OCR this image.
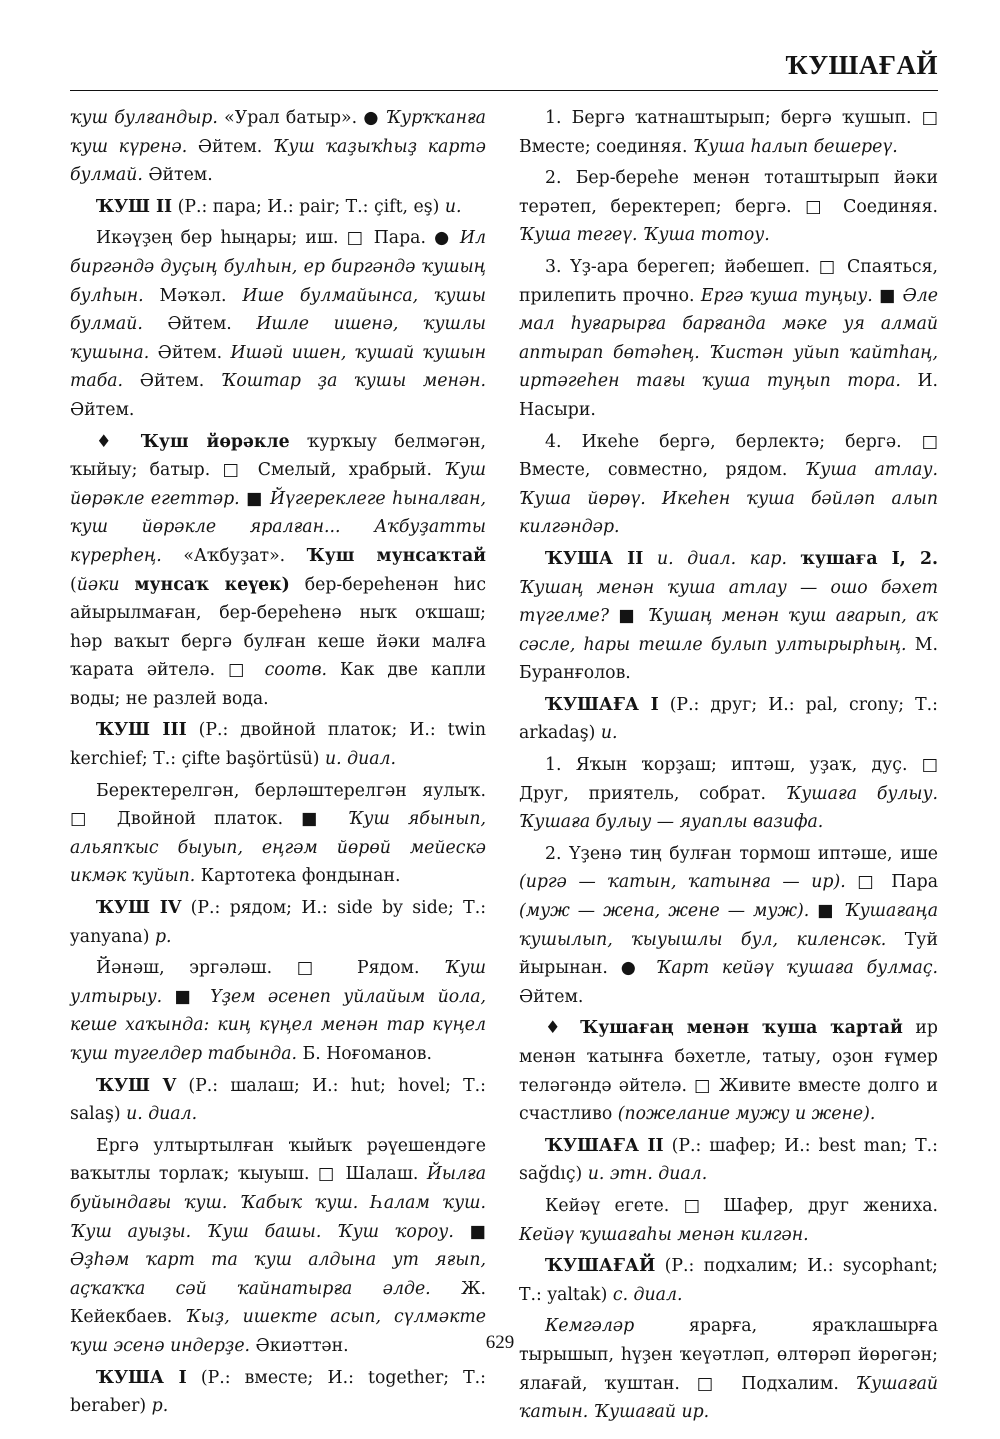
ҠУШАҒАЙ

ҡуш булғандыр. «Урал батыр». ● Ҡурҡҡанға ҡуш күренә. Әйтем. Ҡуш ҡаҙыҡһыҙ картә булмай. Әйтем.

ҠУШ II (Р.: пара; И.: pair; Т.: çift, eş) и.

Икәүҙең бер һыңары; иш. □ Пара. ● Ил биргәндә дуҫың булһын, ер биргәндә ҡушың булһын. Мәҡәл. Ише булмайынса, ҡушы булмай. Әйтем. Ишле ишенә, ҡушлы ҡушына. Әйтем. Ишәй ишен, ҡушай ҡушын таба. Әйтем. Ҡоштар ҙа ҡушы менән. Әйтем.

♦ Ҡуш йөрәкле ҡурҡыу белмәгән, ҡыйыу; батыр. □ Смелый, храбрый. Ҡуш йөрәкле егеттәр. ■ Йүгереклеге һыналған, ҡуш йөрәкле яралған... Аҡбуҙатты күрерһең. «Аҡбуҙат». Ҡуш мунсаҡтай (йәки мунсаҡ кеүек) бер-береһенән һис айырылмаған, бер-береһенә ныҡ оҡшаш; һәр ваҡыт бергә булған кеше йәки малға ҡарата әйтелә. □ соотв. Как две капли воды; не разлей вода.

ҠУШ III (Р.: двойной платок; И.: twin kerchief; Т.: çifte başörtüsü) и. диал.

Беректерелгән, берләштерелгән яулыҡ. □ Двойной платок. ■ Ҡуш ябынып, альяпҡыс быуып, еңгәм йөрөй мейескә икмәк ҡуйып. Картотека фондынан.

ҠУШ IV (Р.: рядом; И.: side by side; Т.: yanyana) р.

Йәнәш, эргәләш. □ Рядом. Ҡуш ултырыу. ■ Үҙем әсенеп уйлайым йола, кеше хаҡында: киң күңел менән тар күңел ҡуш тугелдер табында. Б. Ноғоманов.

ҠУШ V (Р.: шалаш; И.: hut; hovel; Т.: salaş) и. диал.

Ергә ултыртылған ҡыйыҡ рәүешендәге ваҡытлы торлаҡ; ҡыуыш. □ Шалаш. Йылға буйындағы ҡуш. Ҡабыҡ ҡуш. Һалам ҡуш. Ҡуш ауыҙы. Ҡуш башы. Ҡуш ҡороу. ■ Әҙһәм ҡарт та ҡуш алдына ут яғып, аҫҡаҡҡа сәй ҡайнатырға әлде. Ж. Кейекбаев. Ҡыҙ, ишекте асып, сүлмәкте ҡуш эсенә индерҙе. Әкиәттән.

ҠУША I (Р.: вместе; И.: together; Т.: beraber) р.

1. Бергә ҡатнаштырып; бергә ҡушып. □ Вместе; соединяя. Ҡуша һалып бешереү.

2. Бер-береһе менән тоташтырып йәки терәтеп, беректереп; бергә. □ Соединяя. Ҡуша тегеү. Ҡуша тотоу.

3. Үҙ-ара берегеп; йәбешеп. □ Спаяться, прилепить прочно. Ергә ҡуша туңыу. ■ Әле мал һуғарырға барғанда мәке уя алмай аптырап бөтәһең. Ҡистән уйып ҡайтһаң, иртәгеһен тағы ҡуша туңып тора. И. Насыри.

4. Икеһе бергә, берлектә; бергә. □ Вместе, совместно, рядом. Ҡуша атлау. Ҡуша йөрөү. Икеһен ҡуша бәйләп алып килгәндәр.

ҠУША II и. диал. кар. ҡушаға I, 2. Ҡушаң менән ҡуша атлау — ошо бәхет түгелме? ■ Ҡушаң менән ҡуш ағарып, аҡ сәсле, һары тешле булып ултырырһың. М. Буранғолов.

ҠУШАҒА I (Р.: друг; И.: pal, crony; Т.: arkadaş) и.

1. Яҡын ҡорҙаш; иптәш, уҙаҡ, дуҫ. □ Друг, приятель, собрат. Ҡушаға булыу. Ҡушаға булыу — яуаплы вазифа.

2. Үҙенә тиң булған тормош иптәше, ише (иргә — ҡатын, ҡатынға — ир). □ Пара (муж — жена, жене — муж). ■ Ҡушағаңа ҡушылып, ҡыуышлы бул, киленсәк. Туй йырынан. ● Ҡарт кейәү ҡушаға булмаҫ. Әйтем.

♦ Ҡушағаң менән ҡуша ҡартай ир менән ҡатынға бәхетле, татыу, оҙон ғүмер теләгәндә әйтелә. □ Живите вместе долго и счастливо (пожелание мужу и жене).

ҠУШАҒА II (Р.: шафер; И.: best man; Т.: sağdıç) и. этн. диал.

Кейәү егете. □ Шафер, друг жениха. Кейәү ҡушағаһы менән килгән.

ҠУШАҒАЙ (Р.: подхалим; И.: sycophant; Т.: yaltak) с. диал.

Кемгәләр ярарға, ярaҡлашырға тырышып, һүҙен ҡеүәтләп, өлтөрәп йөрөгән; ялағай, ҡуштан. □ Подхалим. Ҡушағай ҡатын. Ҡушағай ир.

629
